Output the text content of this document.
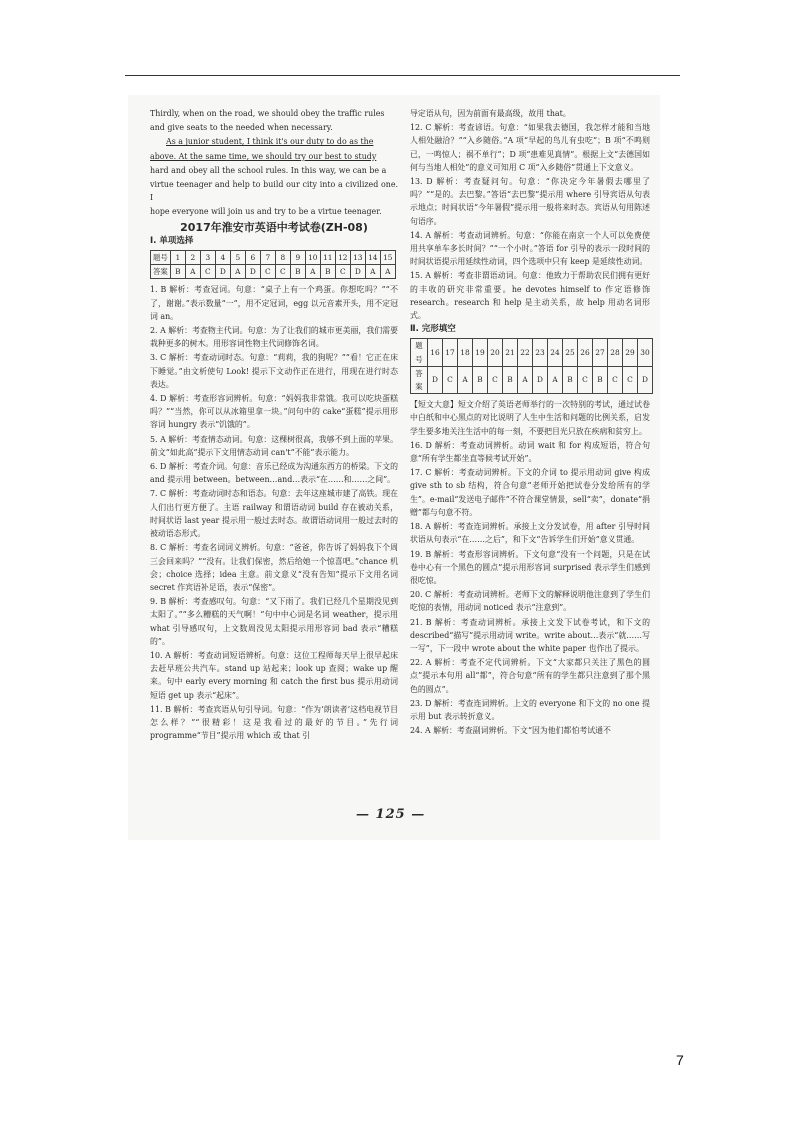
Thirdly, when on the road, we should obey the traffic rules

and give seats to the needed when necessary.

As a junior student, I think it's our duty to do as the

above. At the same time, we should try our best to study

hard and obey all the school rules. In this way, we can be a

virtue teenager and help to build our city into a civilized one. I

hope everyone will join us and try to be a virtue teenager.

2017年淮安市英语中考试卷(ZH-08)
Ⅰ. 单项选择
题号	1	2	3	4	5	6	7	8	9	10	11	12	13	14	15
答案	B	A	C	D	A	D	C	C	B	A	B	C	D	A	A

1. B 解析：考查冠词。句意：“桌子上有一个鸡蛋。你想吃吗？”“不了，谢谢。”表示数量“一”，用不定冠词，egg 以元音素开头，用不定冠词 an。

2. A 解析：考查物主代词。句意：为了让我们的城市更美丽，我们需要栽种更多的树木。用形容词性物主代词修饰名词。

3. C 解析：考查动词时态。句意：“莉莉，我的狗呢？”“看！它正在床下睡觉。”由文析使句 Look! 提示下文动作正在进行，用现在进行时态表达。

4. D 解析：考查形容词辨析。句意：“妈妈我非常饿。我可以吃块蛋糕吗？”“当然，你可以从冰箱里拿一块。”问句中的 cake“蛋糕”提示用形容词 hungry 表示“饥饿的”。

5. A 解析：考查情态动词。句意：这棵树很高，我够不到上面的苹果。前文“如此高”提示下文用情态动词 can't“不能”表示能力。

6. D 解析：考查介词。句意：音乐已经成为沟通东西方的桥梁。下文的 and 提示用 between。between…and…表示“在……和……之间”。

7. C 解析：考查动词时态和语态。句意：去年这座城市建了高铁。现在人们出行更方便了。主语 railway 和谓语动词 build 存在被动关系，时间状语 last year 提示用一般过去时态。故谓语动词用一般过去时的被动语态形式。

8. C 解析：考查名词词义辨析。句意：“爸爸，你告诉了妈妈我下个周三会回来吗？”“没有。让我们保密，然后给她一个惊喜吧。”chance 机会；choice 选择；idea 主意。前文意义“没有告知”提示下文用名词 secret 作宾语补足语，表示“保密”。

9. B 解析：考查感叹句。句意：“又下雨了。我们已经几个星期没见到太阳了。”“多么糟糕的天气啊！”句中中心词是名词 weather，提示用 what 引导感叹句，上文数周没见太阳提示用形容词 bad 表示“糟糕的”。

10. A 解析：考查动词短语辨析。句意：这位工程师每天早上很早起床去赶早班公共汽车。stand up 站起来；look up 查阅；wake up 醒来。句中 early every morning 和 catch the first bus 提示用动词短语 get up 表示“起床”。

11. B 解析：考查宾语从句引导词。句意：“作为‘朗读者’这档电视节目怎么样？”“很精彩！这是我看过的最好的节目。”先行词 programme“节目”提示用 which 或 that 引

导定语从句，因为前面有最高级，故用 that。

12. C 解析：考查谚语。句意：“如果我去德国，我怎样才能和当地人相处融洽？”“入乡随俗。”A 项“早起的鸟儿有虫吃”；B 项“不鸣则已，一鸣惊人；祸不单行”；D 项“患难见真情”。根据上文“去德国如何与当地人相处”的意义可知用 C 项“入乡随俗”贯通上下文意义。

13. D 解析：考查疑问句。句意：“你决定今年暑假去哪里了吗？”“是的。去巴黎。”答语“去巴黎”提示用 where 引导宾语从句表示地点；时间状语“今年暑假”提示用一般将来时态。宾语从句用陈述句语序。

14. A 解析：考查动词辨析。句意：“你能在南京一个人可以免费使用共享单车多长时间？”“一个小时。”答语 for 引导的表示一段时间的时间状语提示用延续性动词，四个选项中只有 keep 是延续性动词。

15. A 解析：考查非谓语动词。句意：他致力于帮助农民们拥有更好的丰收的研究非常重要。he devotes himself to 作定语修饰 research。research 和 help 是主动关系，故 help 用动名词形式。

Ⅱ. 完形填空
题号	16	17	18	19	20	21	22	23	24	25	26	27	28	29	30
答案	D	C	A	B	C	B	A	D	A	B	C	B	C	C	D

【短文大意】短文介绍了英语老师举行的一次特别的考试，通过试卷中白纸和中心黑点的对比说明了人生中生活和问题的比例关系，启发学生要多地关注生活中的每一刻，不要把目光只放在疾病和贫穷上。

16. D 解析：考查动词辨析。动词 wait 和 for 构成短语，符合句意“所有学生都坐直等候考试开始”。

17. C 解析：考查动词辨析。下文的介词 to 提示用动词 give 构成 give sth to sb 结构，符合句意“老师开始把试卷分发给所有的学生”。e-mail“发送电子邮件”不符合课堂情景，sell“卖”，donate“捐赠”都与句意不符。

18. A 解析：考查连词辨析。承接上文分发试卷，用 after 引导时间状语从句表示“在……之后”，和下文“告诉学生们开始”意义贯通。

19. B 解析：考查形容词辨析。下文句意“没有一个问题，只是在试卷中心有一个黑色的圆点”提示用形容词 surprised 表示学生们感到很吃惊。

20. C 解析：考查动词辨析。老师下文的解释说明他注意到了学生们吃惊的表情，用动词 noticed 表示“注意到”。

21. B 解析：考查动词辨析。承接上文发下试卷考试，和下文的 described“描写”提示用动词 write。write about…表示“就……写一写”，下一段中 wrote about the white paper 也作出了提示。

22. A 解析：考查不定代词辨析。下文“大家都只关注了黑色的圆点”提示本句用 all“都”，符合句意“所有的学生都只注意到了那个黑色的圆点”。

23. D 解析：考查连词辨析。上文的 everyone 和下文的 no one 提示用 but 表示转折意义。

24. A 解析：考查副词辨析。下文“因为他们都怕考试通不

— 125 —
7
